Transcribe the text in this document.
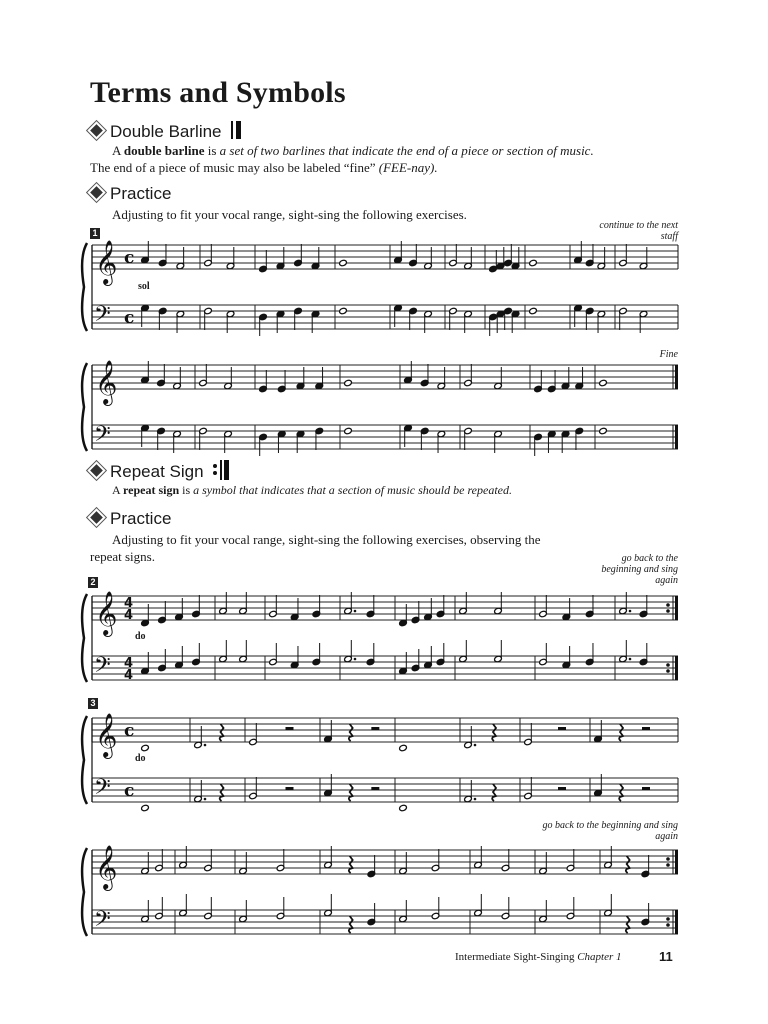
Terms and Symbols
Double Barline
A double barline is a set of two barlines that indicate the end of a piece or section of music.
The end of a piece of music may also be labeled “fine” (FEE-nay).
Practice
Adjusting to fit your vocal range, sight-sing the following exercises.
continue to the next staff
1
sol
Fine
Repeat Sign
A repeat sign is a symbol that indicates that a section of music should be repeated.
Practice
Adjusting to fit your vocal range, sight-sing the following exercises, observing the
repeat signs.	go back to the beginning and sing again
2
do
3
do
go back to the beginning and sing again
Intermediate Sight-Singing Chapter 1	11
𝄞 c
𝄢 c
𝄞
𝄢
𝄞 4
4
𝄢 4
4
𝄞 c
𝄢 c
𝄞
𝄢
